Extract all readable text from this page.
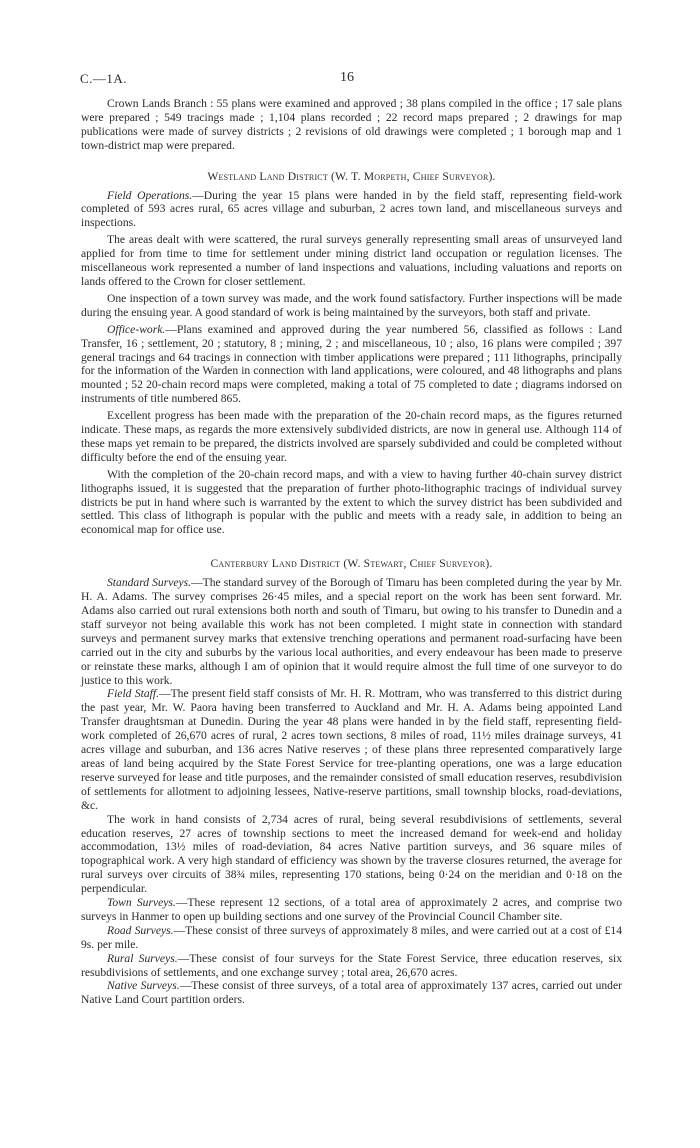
C.—1A.	16

Crown Lands Branch : 55 plans were examined and approved ; 38 plans compiled in the office ; 17 sale plans were prepared ; 549 tracings made ; 1,104 plans recorded ; 22 record maps prepared ; 2 drawings for map publications were made of survey districts ; 2 revisions of old drawings were completed ; 1 borough map and 1 town-district map were prepared.

Westland Land District (W. T. Morpeth, Chief Surveyor).

Field Operations.—During the year 15 plans were handed in by the field staff, representing field-work completed of 593 acres rural, 65 acres village and suburban, 2 acres town land, and miscellaneous surveys and inspections.

The areas dealt with were scattered, the rural surveys generally representing small areas of unsurveyed land applied for from time to time for settlement under mining district land occupation or regulation licenses. The miscellaneous work represented a number of land inspections and valuations, including valuations and reports on lands offered to the Crown for closer settlement.

One inspection of a town survey was made, and the work found satisfactory. Further inspections will be made during the ensuing year. A good standard of work is being maintained by the surveyors, both staff and private.

Office-work.—Plans examined and approved during the year numbered 56, classified as follows : Land Transfer, 16 ; settlement, 20 ; statutory, 8 ; mining, 2 ; and miscellaneous, 10 ; also, 16 plans were compiled ; 397 general tracings and 64 tracings in connection with timber applications were prepared ; 111 lithographs, principally for the information of the Warden in connection with land applications, were coloured, and 48 lithographs and plans mounted ; 52 20-chain record maps were completed, making a total of 75 completed to date ; diagrams indorsed on instruments of title numbered 865.

Excellent progress has been made with the preparation of the 20-chain record maps, as the figures returned indicate. These maps, as regards the more extensively subdivided districts, are now in general use. Although 114 of these maps yet remain to be prepared, the districts involved are sparsely subdivided and could be completed without difficulty before the end of the ensuing year.

With the completion of the 20-chain record maps, and with a view to having further 40-chain survey district lithographs issued, it is suggested that the preparation of further photo-lithographic tracings of individual survey districts be put in hand where such is warranted by the extent to which the survey district has been subdivided and settled. This class of lithograph is popular with the public and meets with a ready sale, in addition to being an economical map for office use.

Canterbury Land District (W. Stewart, Chief Surveyor).

Standard Surveys.—The standard survey of the Borough of Timaru has been completed during the year by Mr. H. A. Adams. The survey comprises 26·45 miles, and a special report on the work has been sent forward. Mr. Adams also carried out rural extensions both north and south of Timaru, but owing to his transfer to Dunedin and a staff surveyor not being available this work has not been completed. I might state in connection with standard surveys and permanent survey marks that extensive trenching operations and permanent road-surfacing have been carried out in the city and suburbs by the various local authorities, and every endeavour has been made to preserve or reinstate these marks, although I am of opinion that it would require almost the full time of one surveyor to do justice to this work.

Field Staff.—The present field staff consists of Mr. H. R. Mottram, who was transferred to this district during the past year, Mr. W. Paora having been transferred to Auckland and Mr. H. A. Adams being appointed Land Transfer draughtsman at Dunedin. During the year 48 plans were handed in by the field staff, representing field-work completed of 26,670 acres of rural, 2 acres town sections, 8 miles of road, 11½ miles drainage surveys, 41 acres village and suburban, and 136 acres Native reserves ; of these plans three represented comparatively large areas of land being acquired by the State Forest Service for tree-planting operations, one was a large education reserve surveyed for lease and title purposes, and the remainder consisted of small education reserves, resubdivision of settlements for allotment to adjoining lessees, Native-reserve partitions, small township blocks, road-deviations, &c.

The work in hand consists of 2,734 acres of rural, being several resubdivisions of settlements, several education reserves, 27 acres of township sections to meet the increased demand for week-end and holiday accommodation, 13½ miles of road-deviation, 84 acres Native partition surveys, and 36 square miles of topographical work. A very high standard of efficiency was shown by the traverse closures returned, the average for rural surveys over circuits of 38¾ miles, representing 170 stations, being 0·24 on the meridian and 0·18 on the perpendicular.

Town Surveys.—These represent 12 sections, of a total area of approximately 2 acres, and comprise two surveys in Hanmer to open up building sections and one survey of the Provincial Council Chamber site.

Road Surveys.—These consist of three surveys of approximately 8 miles, and were carried out at a cost of £14 9s. per mile.

Rural Surveys.—These consist of four surveys for the State Forest Service, three education reserves, six resubdivisions of settlements, and one exchange survey ; total area, 26,670 acres.

Native Surveys.—These consist of three surveys, of a total area of approximately 137 acres, carried out under Native Land Court partition orders.
